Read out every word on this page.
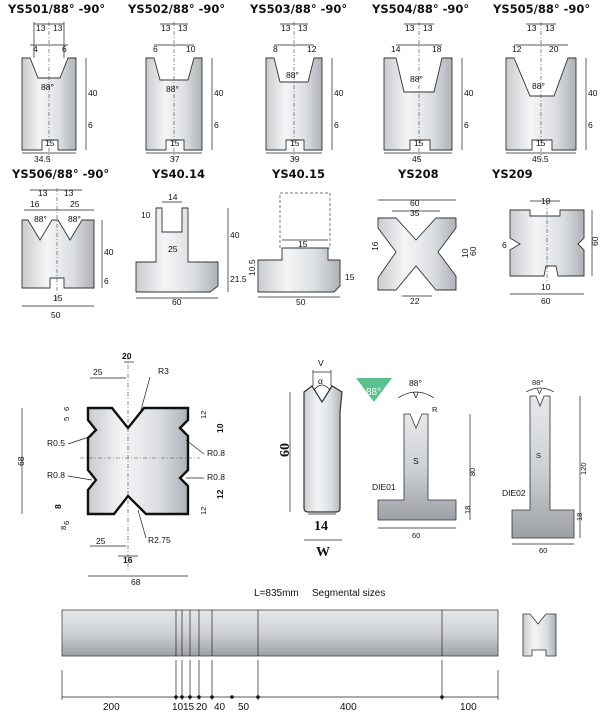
YS501/88° -90°
13 13
4	6
88°
40
6
15
34.5
YS502/88° -90°
13 13
6	10
88°	40
6
15
37
YS503/88° -90°
13 13
8	12
88°
40
6
15
39
YS504/88° -90°
13 13
14	18
88°
40
6
15
45
YS505/88° -90°
13 13
12	20
88°
40
6
15
45.5
YS506/88° -90°
13 13
16	25
88° 88°
40
6
15
50
YS40.14
14
10
40
25
21.5
60
YS40.15
15
10.5
15
50
YS208
60
35
16
10
60
22
YS209
18
6	60
10
60
20
25	R3
6
5	12
10
R0.5
R0.8
68
R0.8	R0.8
8
6
12
12
8
25
16
R2.75
68
V
α
60
14
W
88°
88°
V
R
S
80
18
DIE01
60
88°
V
S
120
18
DIE02
60
L=835mm Segmental sizes
200	10 15 20 40 50	400	100
